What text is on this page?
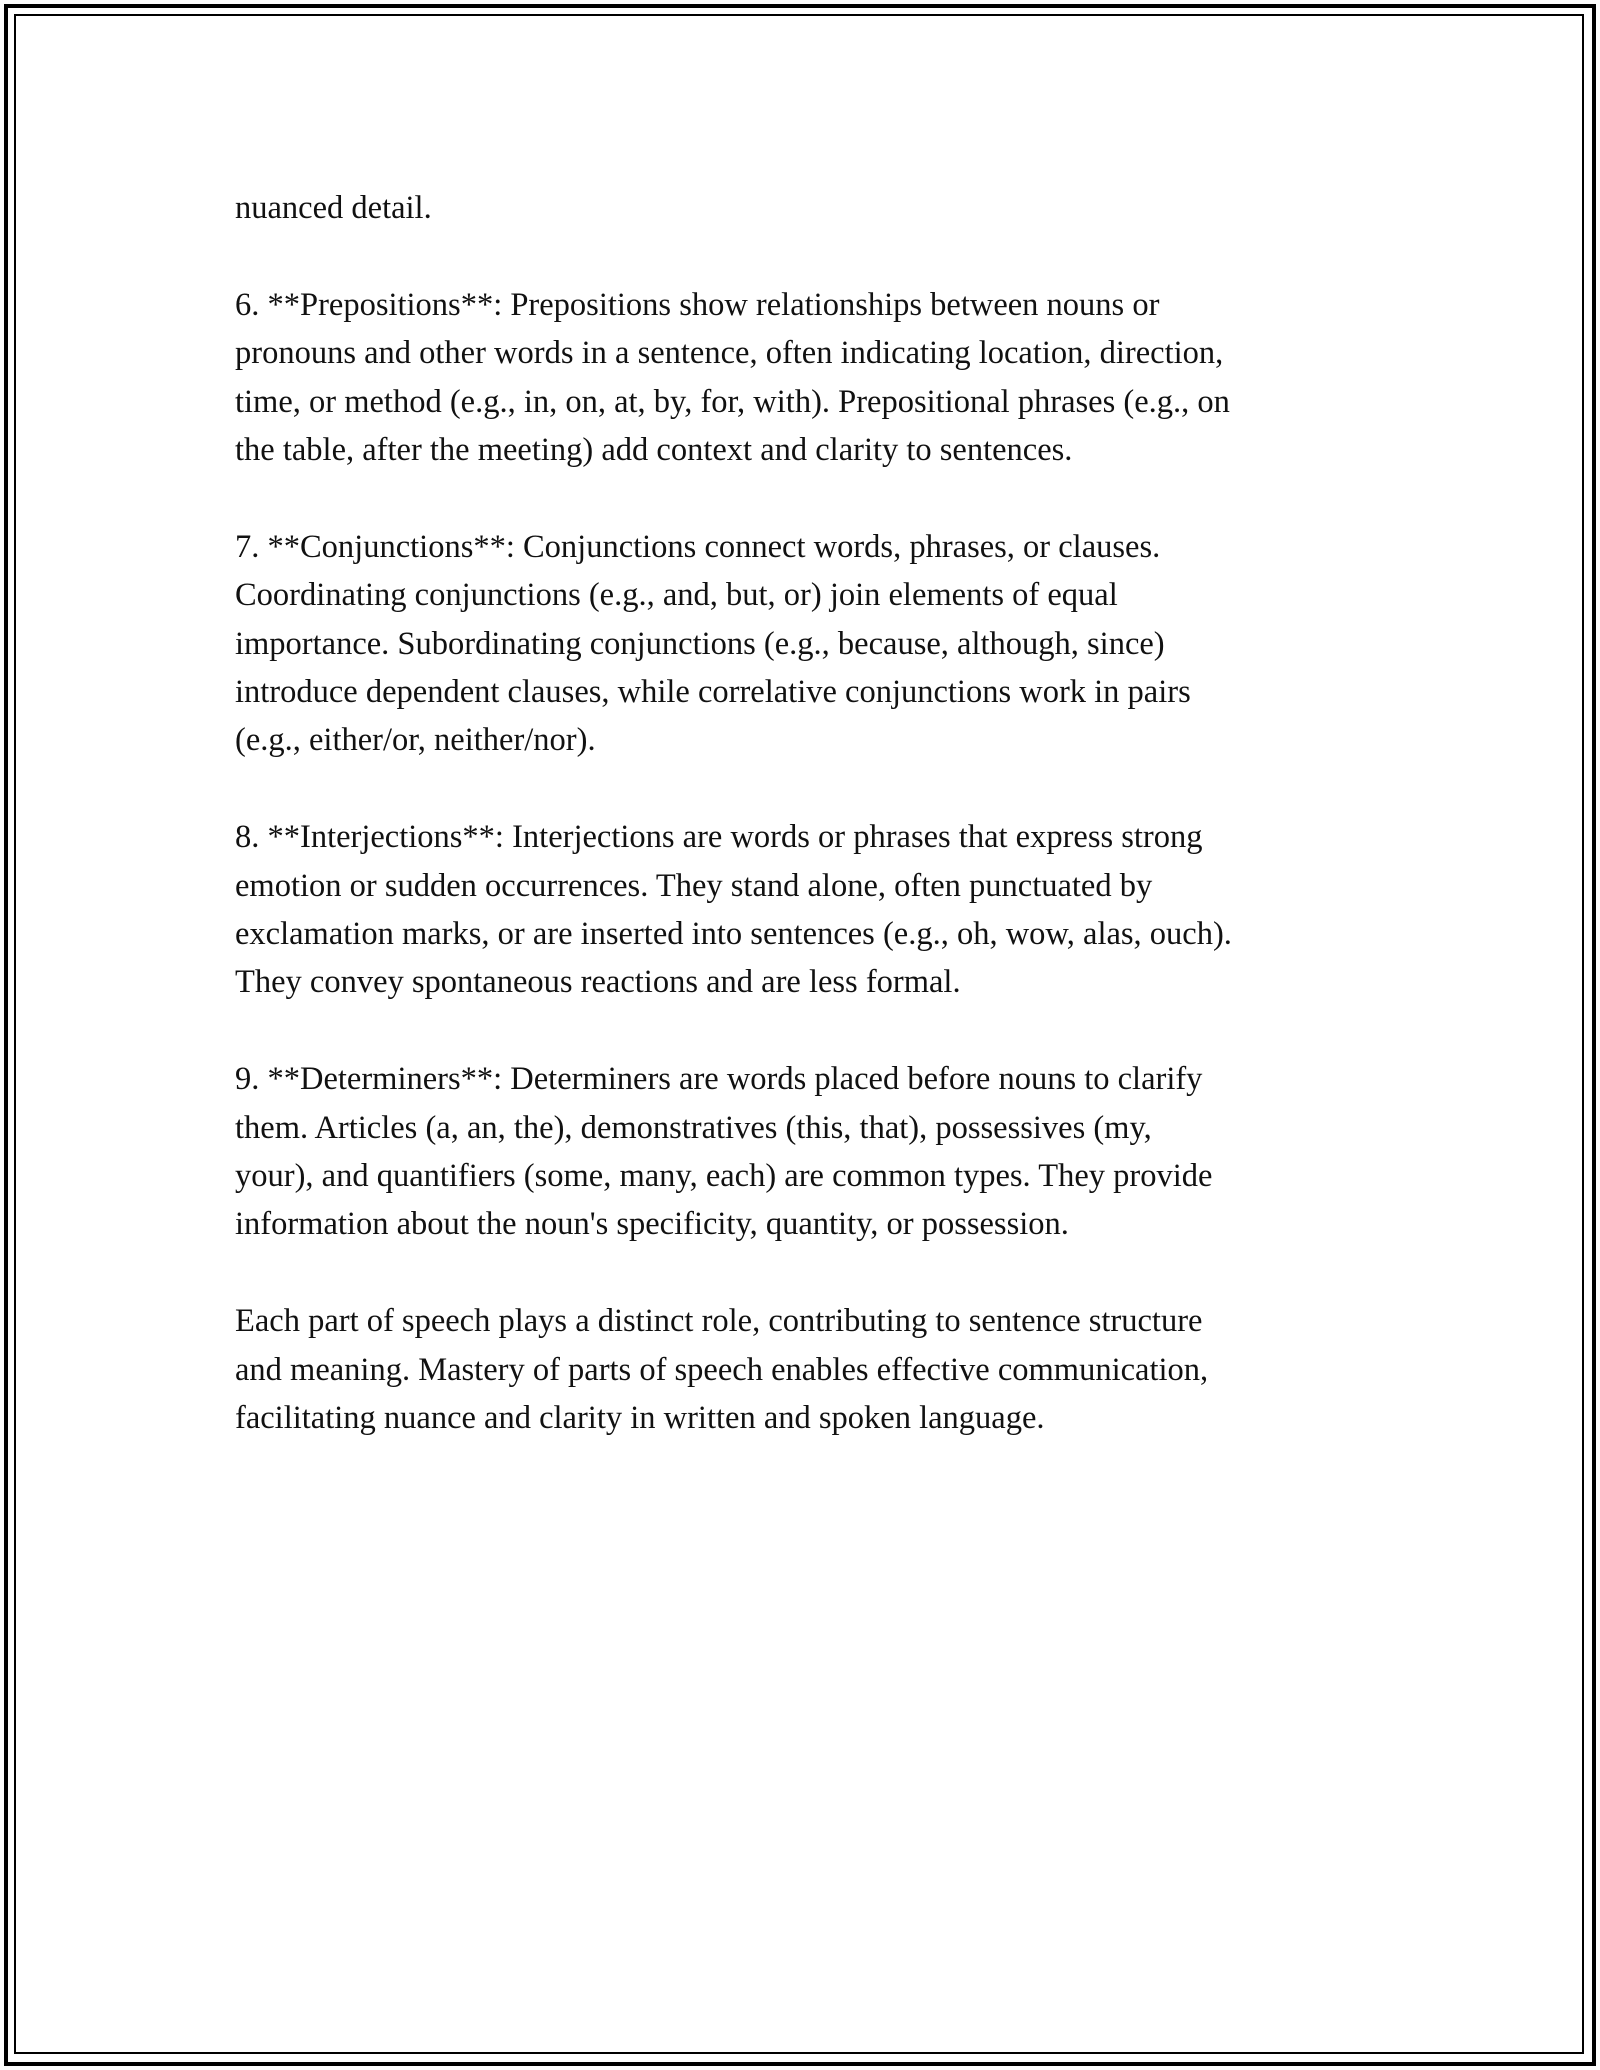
nuanced detail.

6. **Prepositions**: Prepositions show relationships between nouns or
pronouns and other words in a sentence, often indicating location, direction,
time, or method (e.g., in, on, at, by, for, with). Prepositional phrases (e.g., on
the table, after the meeting) add context and clarity to sentences.

7. **Conjunctions**: Conjunctions connect words, phrases, or clauses.
Coordinating conjunctions (e.g., and, but, or) join elements of equal
importance. Subordinating conjunctions (e.g., because, although, since)
introduce dependent clauses, while correlative conjunctions work in pairs
(e.g., either/or, neither/nor).

8. **Interjections**: Interjections are words or phrases that express strong
emotion or sudden occurrences. They stand alone, often punctuated by
exclamation marks, or are inserted into sentences (e.g., oh, wow, alas, ouch).
They convey spontaneous reactions and are less formal.

9. **Determiners**: Determiners are words placed before nouns to clarify
them. Articles (a, an, the), demonstratives (this, that), possessives (my,
your), and quantifiers (some, many, each) are common types. They provide
information about the noun's specificity, quantity, or possession.

Each part of speech plays a distinct role, contributing to sentence structure
and meaning. Mastery of parts of speech enables effective communication,
facilitating nuance and clarity in written and spoken language.
